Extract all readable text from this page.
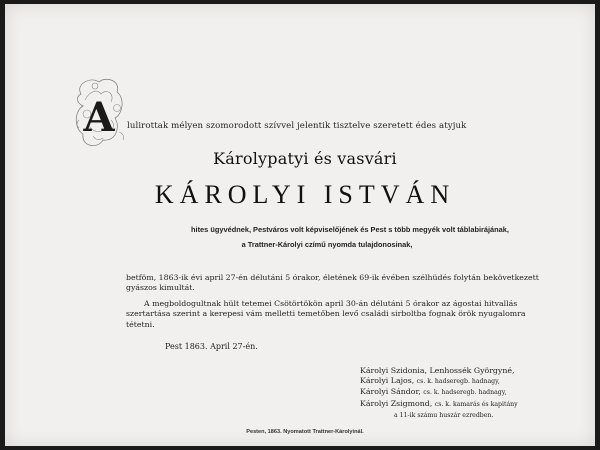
A lulirottak mélyen szomorodott szívvel jelentik tisztelve szeretett édes atyjuk
Károlypatyi és vasvári
KÁROLYI ISTVÁN
hites ügyvédnek, Pestváros volt képviselőjének és Pest s több megyék volt táblabirájának,
a Trattner-Károlyi czímű nyomda tulajdonosinak,
betföm, 1863-ik évi april 27-én délutáni 5 órakor, életének 69-ik évében szélhüdés folytán bekövetkezett gyászos kimultát.
A megboldogultnak hült tetemei Csötörtökön april 30-án délutáni 5 órakor az ágostai hitvallás szertartása szerint a kerepesi vám melletti temetőben levő családi sirboltba fognak örök nyugalomra tétetni.
Pest 1863. April 27-én.
Károlyi Szidonia, Lenhossék Györgyné,
Károlyi Lajos, cs. k. hadseregb. hadnagy,
Károlyi Sándor, cs. k. hadseregb. hadnagy,
Károlyi Zsigmond, cs. k. kamarás és kapitány
a 11-ik számu huszár ezredben.
Pesten, 1863. Nyomatott Trattner-Károlyinál.
